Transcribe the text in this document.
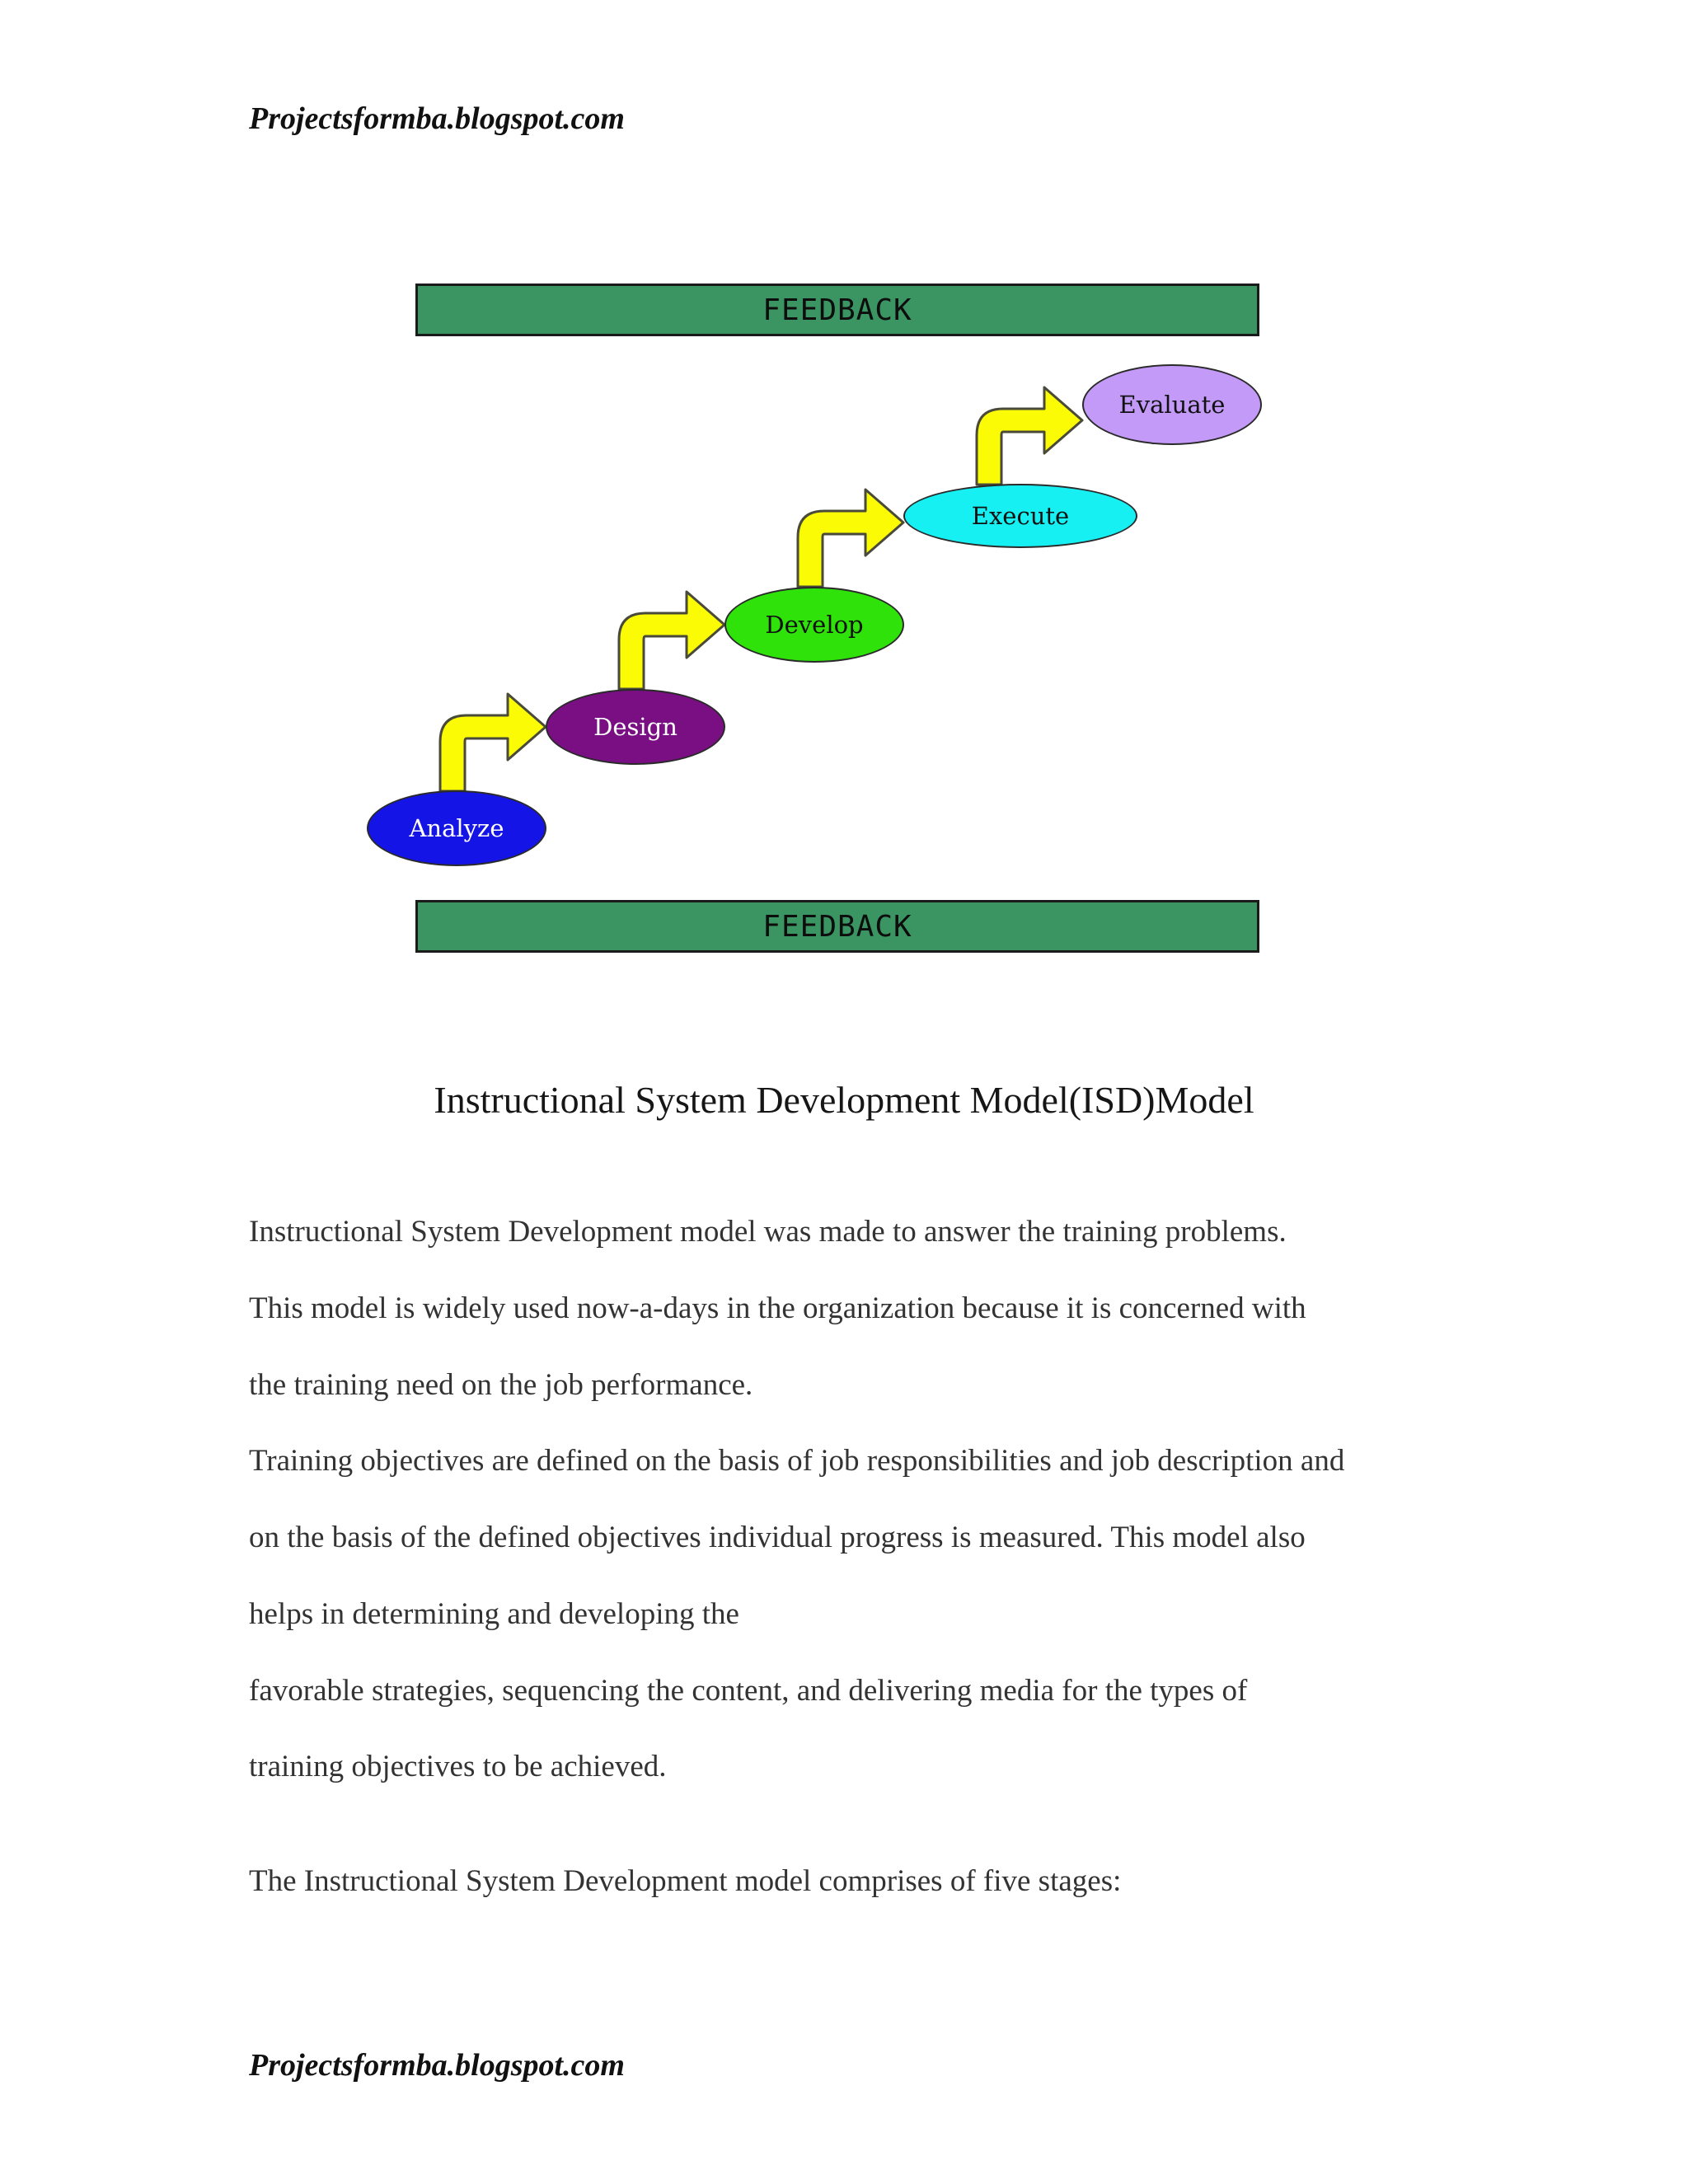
Projectsformba.blogspot.com

FEEDBACK
Evaluate
Execute
Develop
Design
Analyze
FEEDBACK

Instructional System Development Model(ISD)Model

Instructional System Development model was made to answer the training problems.

This model is widely used now-a-days in the organization because it is concerned with

the training need on the job performance.

Training objectives are defined on the basis of job responsibilities and job description and

on the basis of the defined objectives individual progress is measured. This model also

helps in determining and developing the

favorable strategies, sequencing the content, and delivering media for the types of

training objectives to be achieved.

The Instructional System Development model comprises of five stages:

Projectsformba.blogspot.com
